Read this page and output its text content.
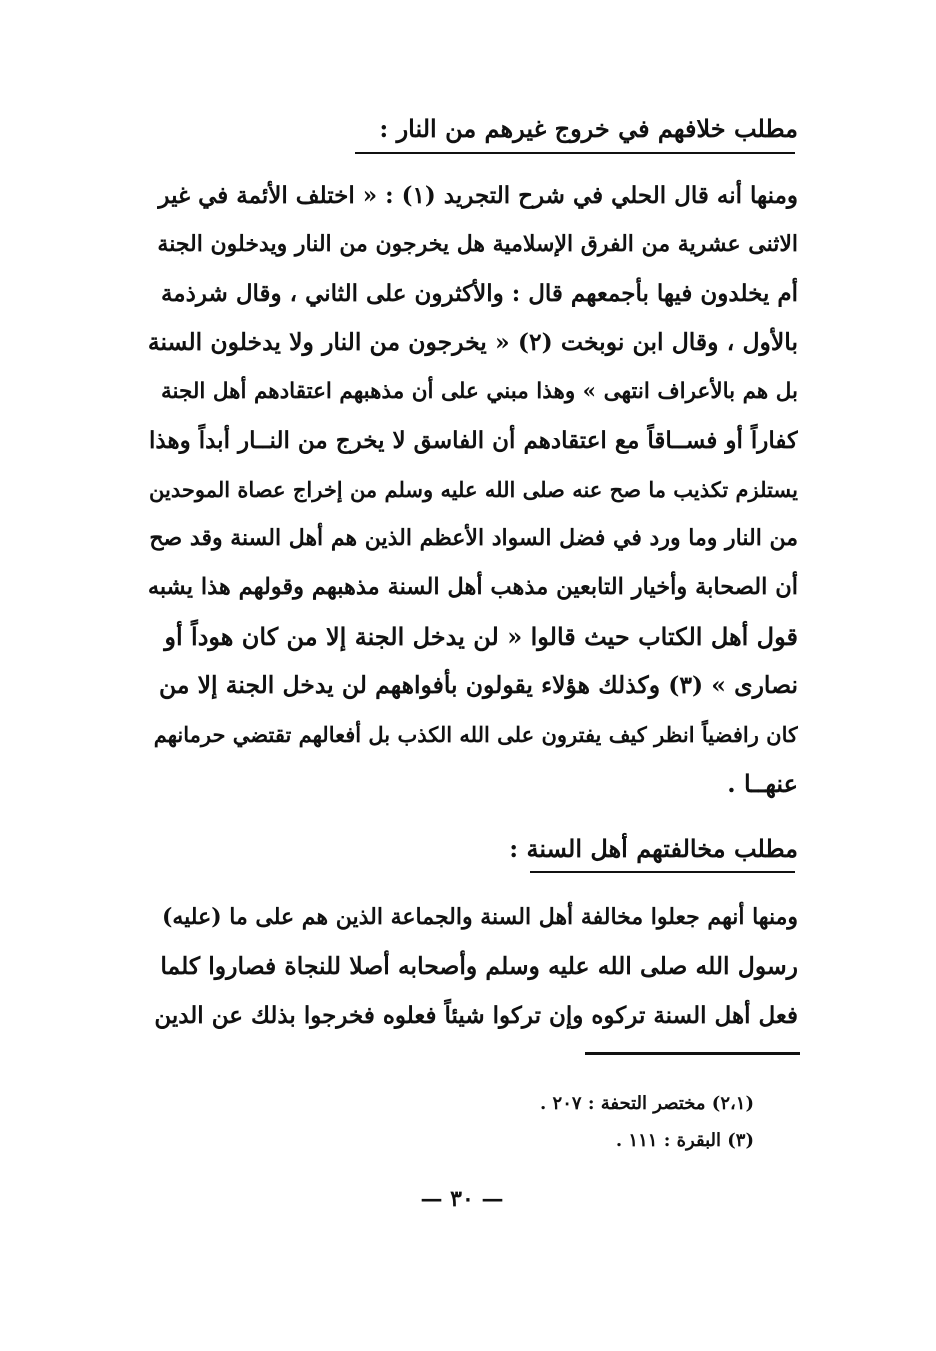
مطلب خلافهم في خروج غيرهم من النار :
ومنها أنه قال الحلي في شرح التجريد (١) : « اختلف الأئمة في غير
الاثنى عشرية من الفرق الإسلامية هل يخرجون من النار ويدخلون الجنة
أم يخلدون فيها بأجمعهم قال : والأكثرون على الثاني ، وقال شرذمة
بالأول ، وقال ابن نوبخت (٢) « يخرجون من النار ولا يدخلون السنة
بل هم بالأعراف انتهى » وهذا مبني على أن مذهبهم اعتقادهم أهل الجنة
كفاراً أو فســاقاً مع اعتقادهم أن الفاسق لا يخرج من النــار أبداً وهذا
يستلزم تكذيب ما صح عنه صلى الله عليه وسلم من إخراج عصاة الموحدين
من النار وما ورد في فضل السواد الأعظم الذين هم أهل السنة وقد صح
أن الصحابة وأخيار التابعين مذهب أهل السنة مذهبهم وقولهم هذا يشبه
قول أهل الكتاب حيث قالوا « لن يدخل الجنة إلا من كان هوداً أو
نصارى » (٣) وكذلك هؤلاء يقولون بأفواههم لن يدخل الجنة إلا من
كان رافضياً انظر كيف يفترون على الله الكذب بل أفعالهم تقتضي حرمانهم
عنهــا .
مطلب مخالفتهم أهل السنة :
ومنها أنهم جعلوا مخالفة أهل السنة والجماعة الذين هم على ما (عليه)
رسول الله صلى الله عليه وسلم وأصحابه أصلا للنجاة فصاروا كلما
فعل أهل السنة تركوه وإن تركوا شيئاً فعلوه فخرجوا بذلك عن الدين
(٢،١) مختصر التحفة : ٢٠٧ .
(٣) البقرة : ١١١ .
— ٣٠ —
